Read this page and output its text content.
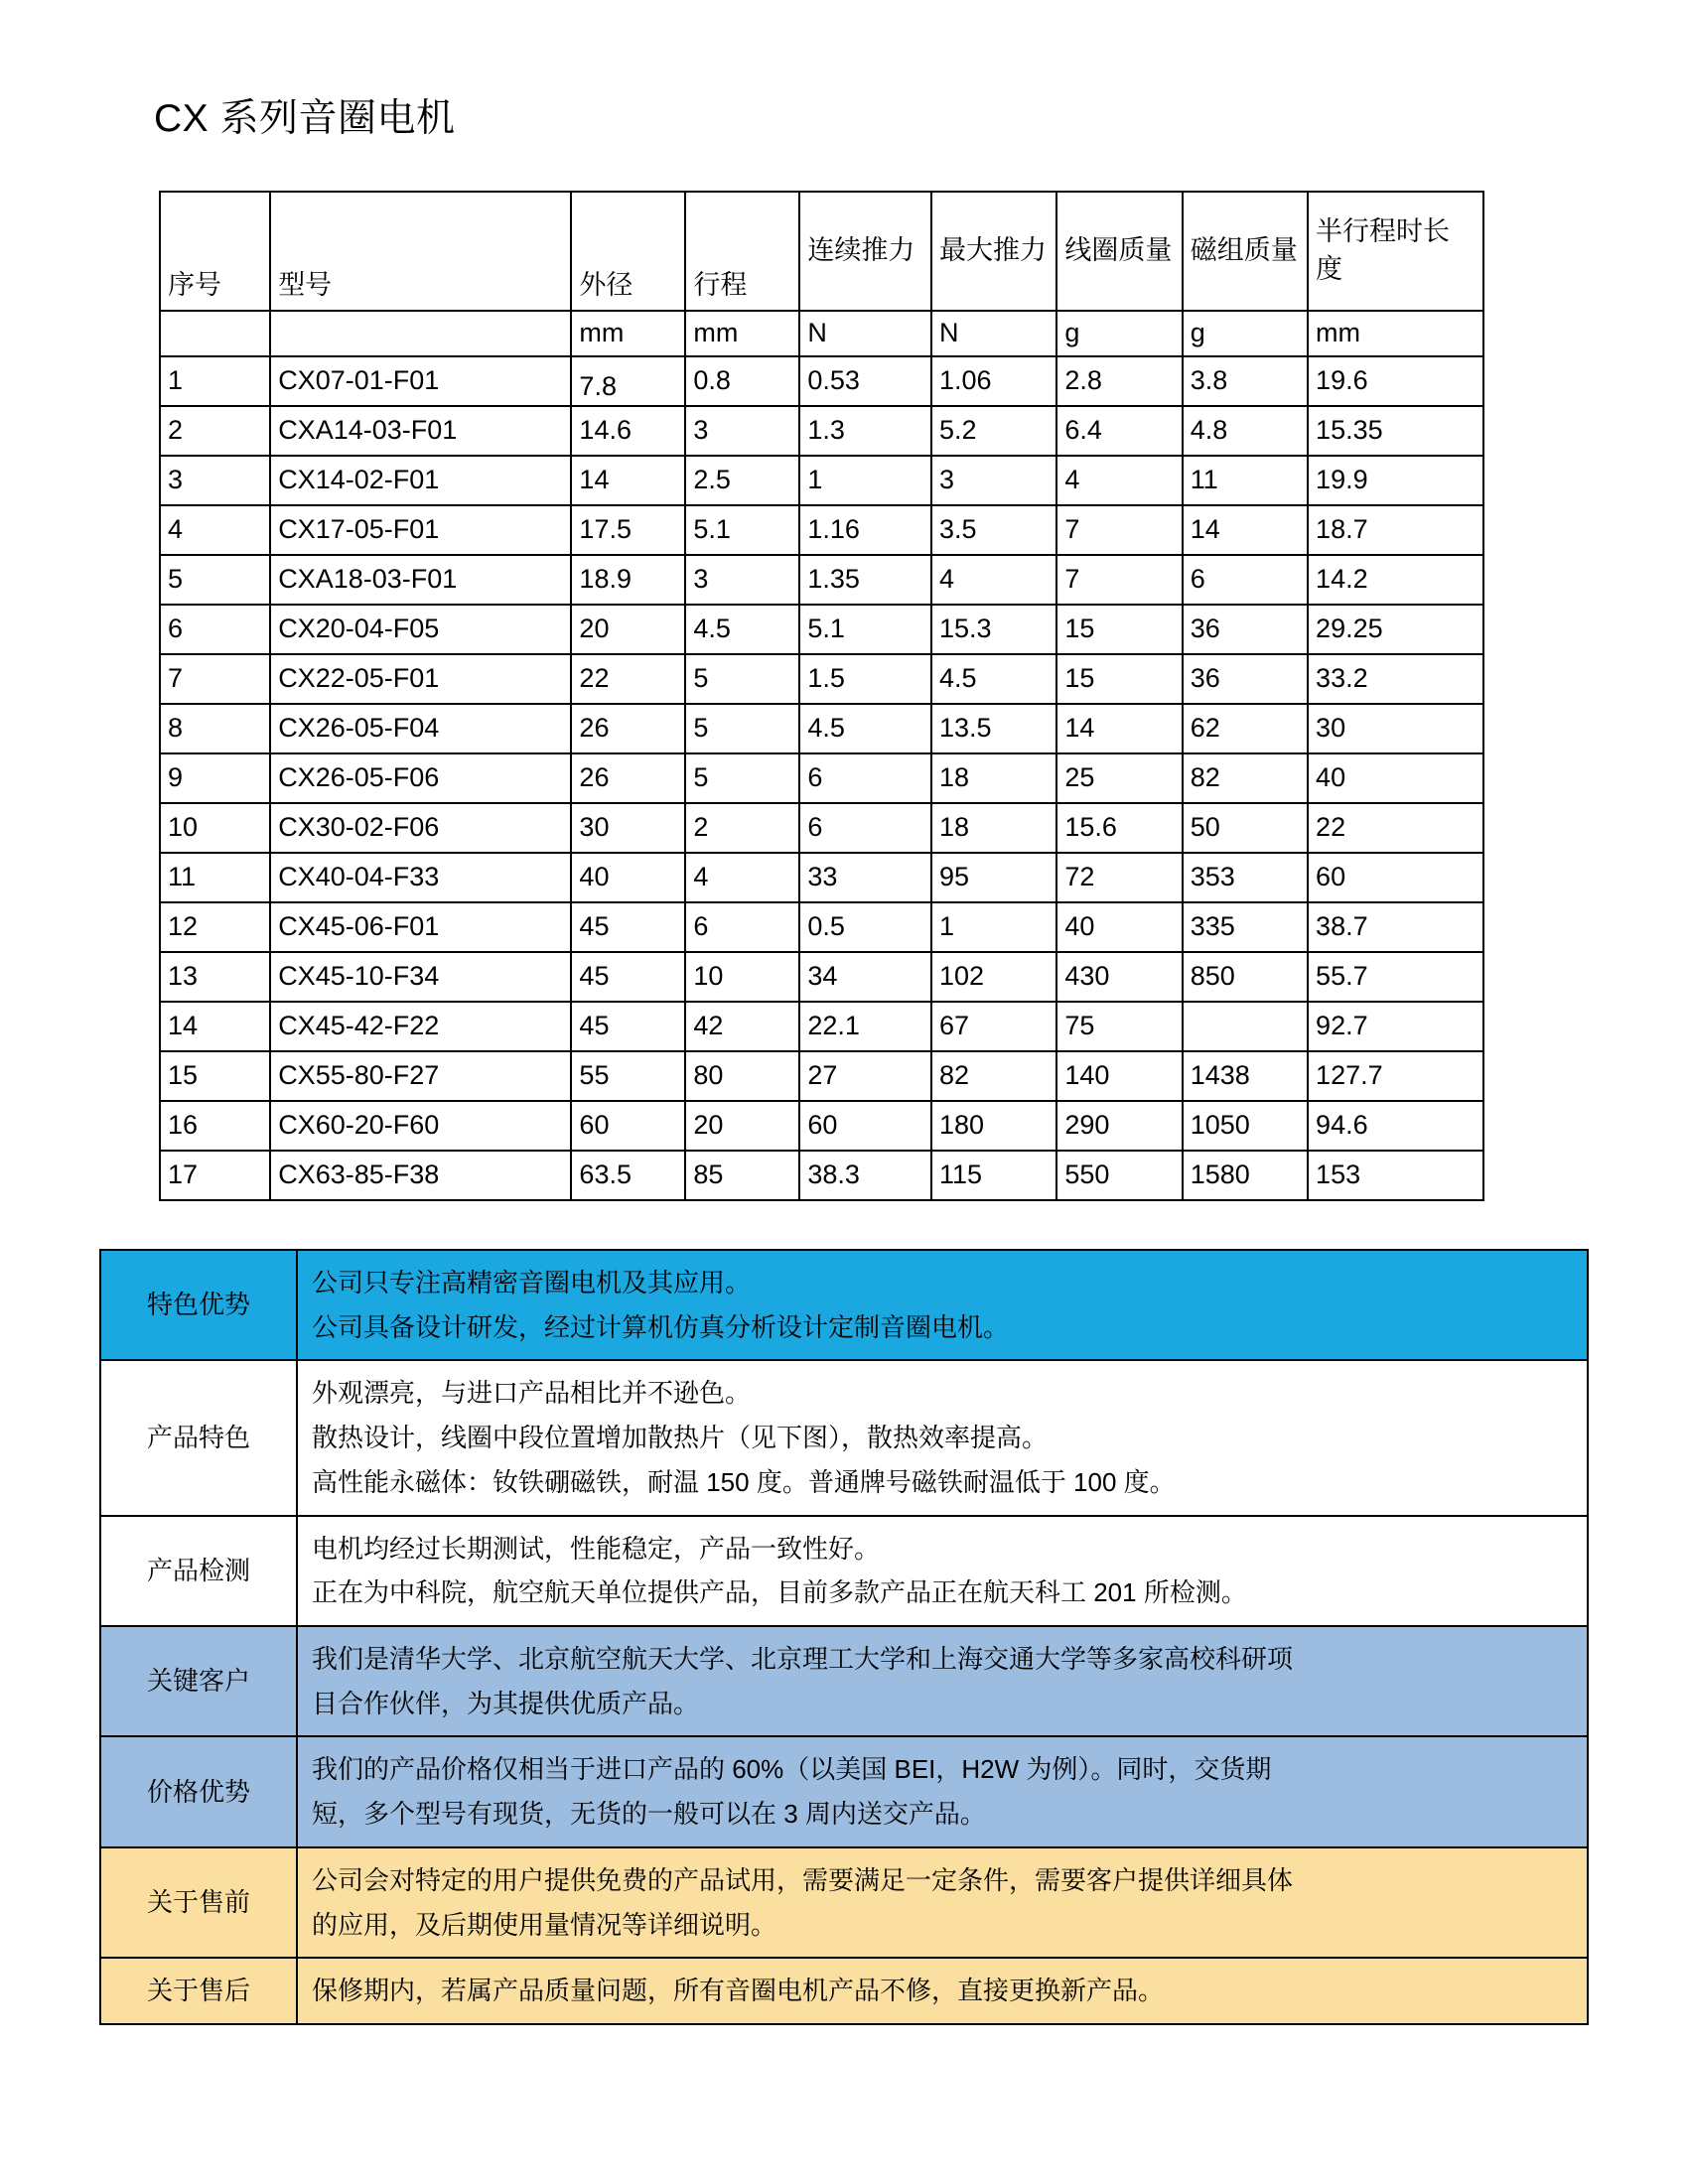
CX 系列音圈电机
序号	型号	外径	行程	连续推力	最大推力	线圈质量	磁组质量	半行程时长度
		mm	mm	N	N	g	g	mm
1	CX07-01-F01	7.8	0.8	0.53	1.06	2.8	3.8	19.6
2	CXA14-03-F01	14.6	3	1.3	5.2	6.4	4.8	15.35
3	CX14-02-F01	14	2.5	1	3	4	11	19.9
4	CX17-05-F01	17.5	5.1	1.16	3.5	7	14	18.7
5	CXA18-03-F01	18.9	3	1.35	4	7	6	14.2
6	CX20-04-F05	20	4.5	5.1	15.3	15	36	29.25
7	CX22-05-F01	22	5	1.5	4.5	15	36	33.2
8	CX26-05-F04	26	5	4.5	13.5	14	62	30
9	CX26-05-F06	26	5	6	18	25	82	40
10	CX30-02-F06	30	2	6	18	15.6	50	22
11	CX40-04-F33	40	4	33	95	72	353	60
12	CX45-06-F01	45	6	0.5	1	40	335	38.7
13	CX45-10-F34	45	10	34	102	430	850	55.7
14	CX45-42-F22	45	42	22.1	67	75		92.7
15	CX55-80-F27	55	80	27	82	140	1438	127.7
16	CX60-20-F60	60	20	60	180	290	1050	94.6
17	CX63-85-F38	63.5	85	38.3	115	550	1580	153
特色优势	公司只专注高精密音圈电机及其应用。

公司具备设计研发，经过计算机仿真分析设计定制音圈电机。

产品特色	外观漂亮，与进口产品相比并不逊色。

散热设计，线圈中段位置增加散热片（见下图），散热效率提高。

高性能永磁体：钕铁硼磁铁，耐温 150 度。普通牌号磁铁耐温低于 100 度。

产品检测	电机均经过长期测试，性能稳定，产品一致性好。

正在为中科院，航空航天单位提供产品，目前多款产品正在航天科工 201 所检测。

关键客户	我们是清华大学、北京航空航天大学、北京理工大学和上海交通大学等多家高校科研项

目合作伙伴，为其提供优质产品。

价格优势	我们的产品价格仅相当于进口产品的 60%（以美国 BEI，H2W 为例）。同时，交货期

短，多个型号有现货，无货的一般可以在 3 周内送交产品。

关于售前	公司会对特定的用户提供免费的产品试用，需要满足一定条件，需要客户提供详细具体

的应用，及后期使用量情况等详细说明。

关于售后	保修期内，若属产品质量问题，所有音圈电机产品不修，直接更换新产品。
